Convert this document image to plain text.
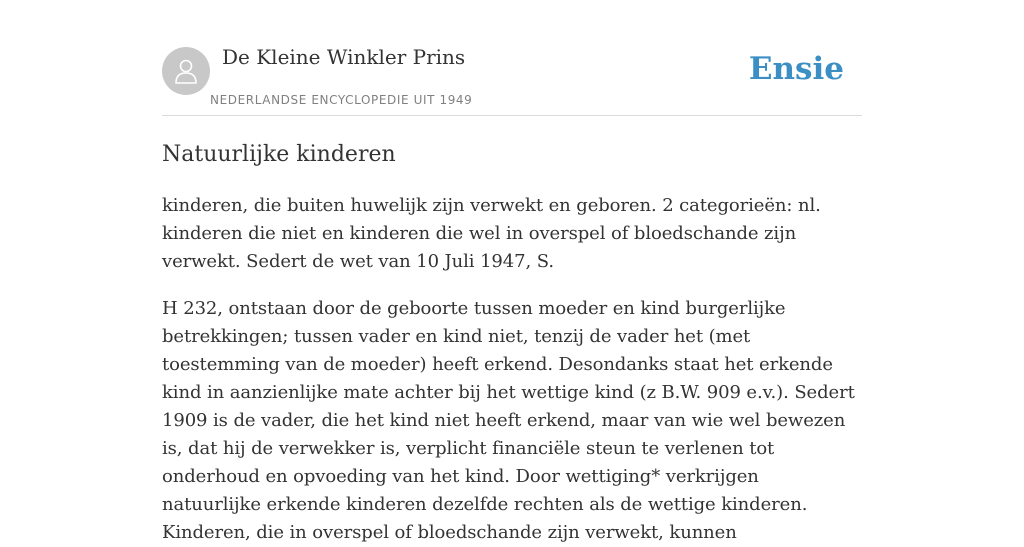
De Kleine Winkler Prins
NEDERLANDSE ENCYCLOPEDIE UIT 1949
Ensie
Natuurlijke kinderen

kinderen, die buiten huwelijk zijn verwekt en geboren. 2 categorieën: nl. kinderen die niet en kinderen die wel in overspel of bloedschande zijn verwekt. Sedert de wet van 10 Juli 1947, S.

H 232, ontstaan door de geboorte tussen moeder en kind burgerlijke betrekkingen; tussen vader en kind niet, tenzij de vader het (met toestemming van de moeder) heeft erkend. Desondanks staat het erkende kind in aanzienlijke mate achter bij het wettige kind (z B.W. 909 e.v.). Sedert 1909 is de vader, die het kind niet heeft erkend, maar van wie wel bewezen is, dat hij de verwekker is, verplicht financiële steun te verlenen tot onderhoud en opvoeding van het kind. Door wettiging* verkrijgen natuurlijke erkende kinderen dezelfde rechten als de wettige kinderen. Kinderen, die in overspel of bloedschande zijn verwekt, kunnen
